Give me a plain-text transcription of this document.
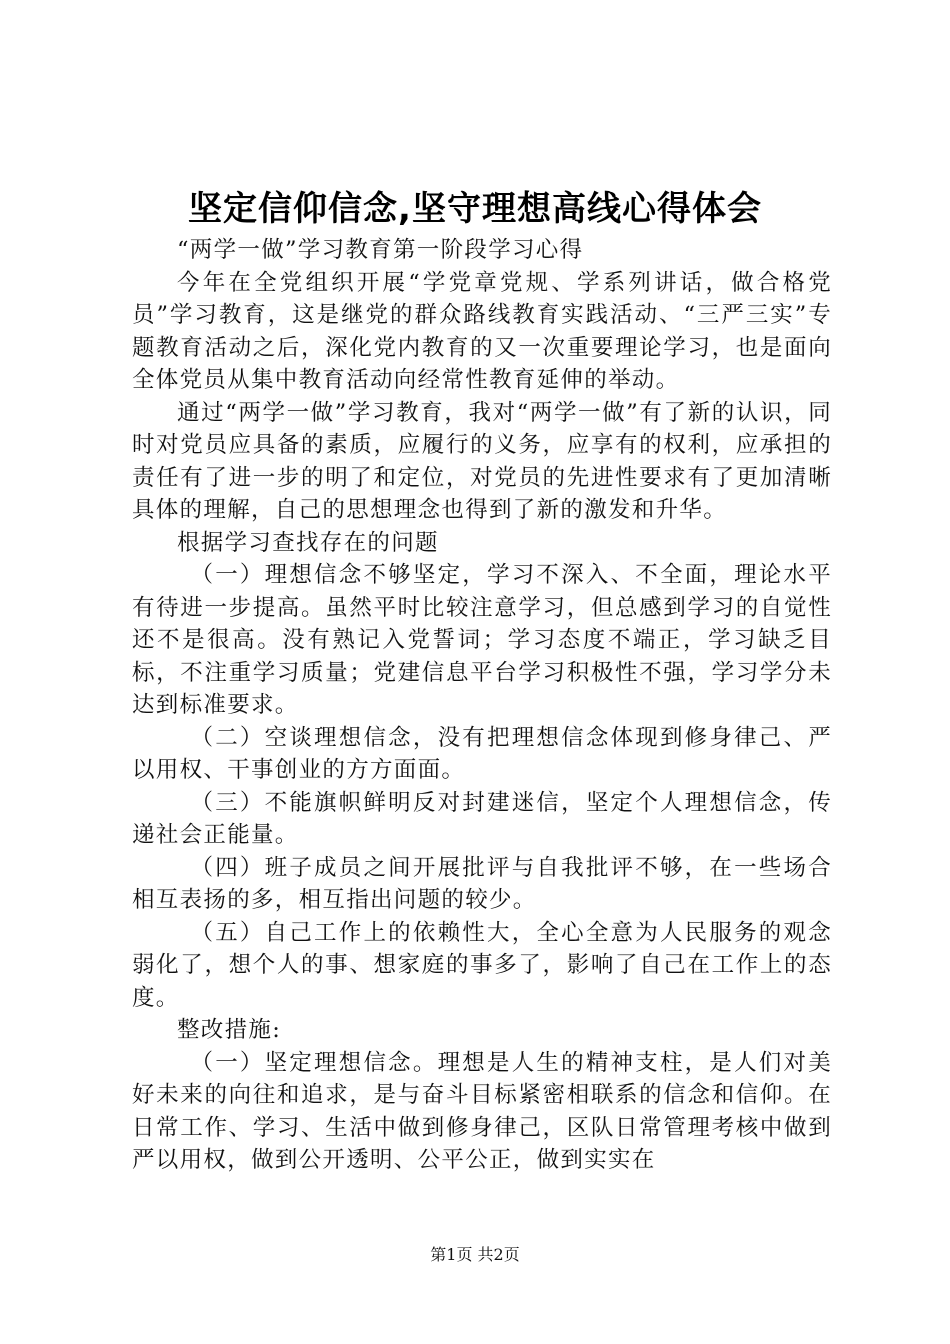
坚定信仰信念,坚守理想高线心得体会

“两学一做”学习教育第一阶段学习心得

今年在全党组织开展“学党章党规、学系列讲话，做合格党员”学习教育，这是继党的群众路线教育实践活动、“三严三实”专题教育活动之后，深化党内教育的又一次重要理论学习，也是面向全体党员从集中教育活动向经常性教育延伸的举动。

通过“两学一做”学习教育，我对“两学一做”有了新的认识，同时对党员应具备的素质，应履行的义务，应享有的权利，应承担的责任有了进一步的明了和定位，对党员的先进性要求有了更加清晰具体的理解，自己的思想理念也得到了新的激发和升华。

根据学习查找存在的问题

（一）理想信念不够坚定，学习不深入、不全面，理论水平有待进一步提高。虽然平时比较注意学习，但总感到学习的自觉性还不是很高。没有熟记入党誓词；学习态度不端正，学习缺乏目标，不注重学习质量；党建信息平台学习积极性不强，学习学分未达到标准要求。

（二）空谈理想信念，没有把理想信念体现到修身律己、严以用权、干事创业的方方面面。

（三）不能旗帜鲜明反对封建迷信，坚定个人理想信念，传递社会正能量。

（四）班子成员之间开展批评与自我批评不够，在一些场合相互表扬的多，相互指出问题的较少。

（五）自己工作上的依赖性大，全心全意为人民服务的观念弱化了，想个人的事、想家庭的事多了，影响了自己在工作上的态度。

整改措施:

（一）坚定理想信念。理想是人生的精神支柱，是人们对美好未来的向往和追求，是与奋斗目标紧密相联系的信念和信仰。在日常工作、学习、生活中做到修身律己，区队日常管理考核中做到严以用权，做到公开透明、公平公正，做到实实在

第1页 共2页
